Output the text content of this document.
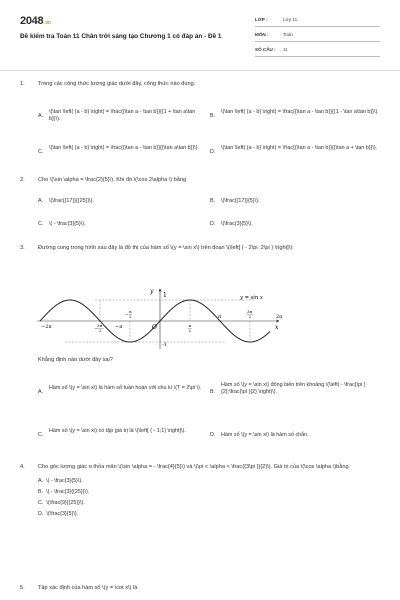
2048.vn
Đề kiểm tra Toán 11 Chân trời sáng tạo Chương 1 có đáp án - Đề 1
LỚP :	Lớp 11
MÔN :	Toán
SỐ CÂU :	11
1.	Trong các công thức lượng giác dưới đây, công thức nào đúng.
A.
\(\tan \left( {a - b} \right) = \frac{{\tan a - \tan b}}{{1 + \tan a\tan b}}\).
B.
\(\tan \left( {a - b} \right) = \frac{{\tan a - \tan b}}{{1 - \tan a\tan b}}\).
C.
\(\tan \left( {a - b} \right) = \frac{{\tan a - \tan b}}{{\tan a\tan b}}\).
D.
\(\tan \left( {a - b} \right) = \frac{{\tan a - \tan b}}{{\tan a + \tan b}}\).
2.	Cho \(\sin \alpha = \frac{2}{5}\). Khi đó \(\cos 2\alpha \) bằng
A.	\(\frac{{17}}{{25}}\).	B.	\(\frac{{17}}{5}\).
C.	\( - \frac{3}{5}\).	D.	\(\frac{3}{5}\).
3.	Đường cong trong hình sau đây là đồ thị của hàm số \(y = \sin x\) trên đoạn \(\left[ { - 2\pi ;2\pi } \right]\):
y
1
-1
O	x
y = sin x
−2π	−
3π
2
−π
−
π
2
π
2
π
3π
2	2π
Khẳng định nào dưới đây sai?
A.
Hàm số \(y = \sin x\) là hàm số tuần hoàn với chu kì \(T = 2\pi \).
B.
Hàm số \(y = \sin x\) đồng biến trên khoảng \(\left( - \frac{\pi }{2};\frac{\pi }{2} \right)\).
C.
Hàm số \(y = \sin x\) có tập giá trị là \(\left[ { - 1;1} \right]\).
D.	Hàm số \(y = \sin x\) là hàm số chẵn.
4.	Cho góc lượng giác α thỏa mãn \(\sin \alpha = - \frac{4}{5}\) và \(\pi < \alpha < \frac{{3\pi }}{2}\). Giá trị của \(\cos \alpha \)bằng
A. \( - \frac{3}{5}\).
B. \( - \frac{3}{{25}}\).
C. \(\frac{9}{{25}}\).
D. \(\frac{3}{5}\).
5.	Tập xác định của hàm số \(y = \cot x\) là
